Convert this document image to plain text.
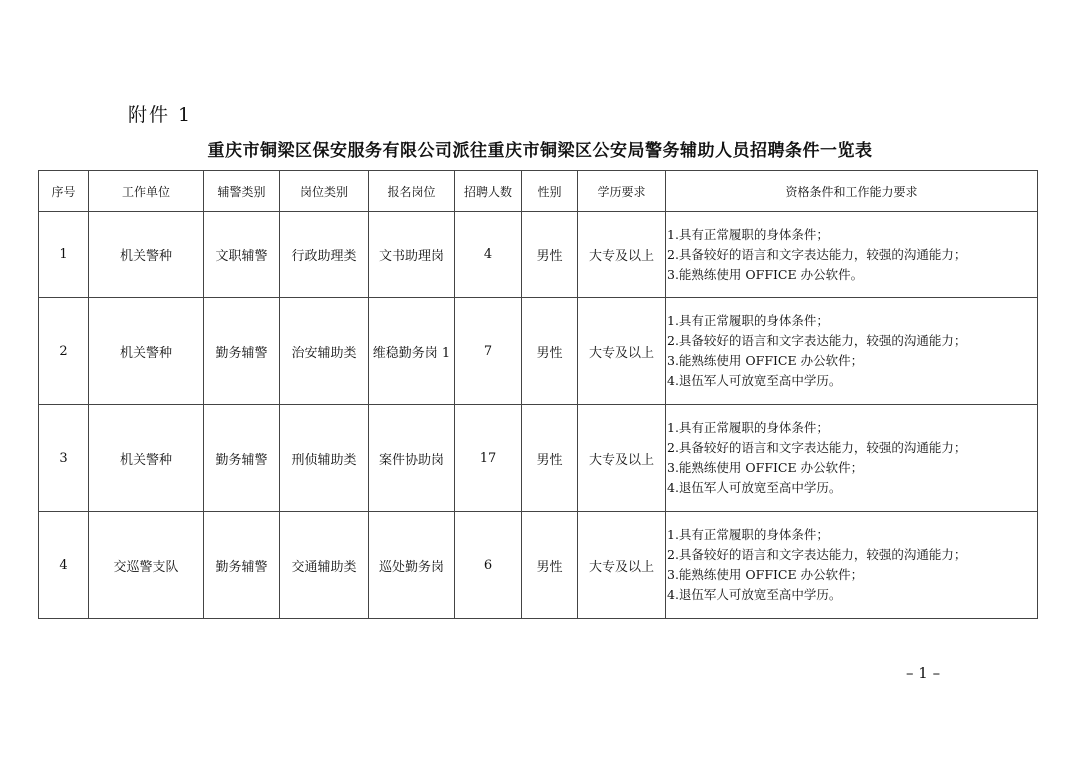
附件 1
重庆市铜梁区保安服务有限公司派往重庆市铜梁区公安局警务辅助人员招聘条件一览表
序号	工作单位	辅警类别	岗位类别	报名岗位	招聘人数	性别	学历要求	资格条件和工作能力要求
1	机关警种	文职辅警	行政助理类	文书助理岗	4	男性	大专及以上	1.具有正常履职的身体条件；
2.具备较好的语言和文字表达能力，较强的沟通能力；
3.能熟练使用 OFFICE 办公软件。

2	机关警种	勤务辅警	治安辅助类	维稳勤务岗 1	7	男性	大专及以上	1.具有正常履职的身体条件；
2.具备较好的语言和文字表达能力，较强的沟通能力；
3.能熟练使用 OFFICE 办公软件；
4.退伍军人可放宽至高中学历。

3	机关警种	勤务辅警	刑侦辅助类	案件协助岗	17	男性	大专及以上	1.具有正常履职的身体条件；
2.具备较好的语言和文字表达能力，较强的沟通能力；
3.能熟练使用 OFFICE 办公软件；
4.退伍军人可放宽至高中学历。

4	交巡警支队	勤务辅警	交通辅助类	巡处勤务岗	6	男性	大专及以上	1.具有正常履职的身体条件；
2.具备较好的语言和文字表达能力，较强的沟通能力；
3.能熟练使用 OFFICE 办公软件；
4.退伍军人可放宽至高中学历。
– 1 –
